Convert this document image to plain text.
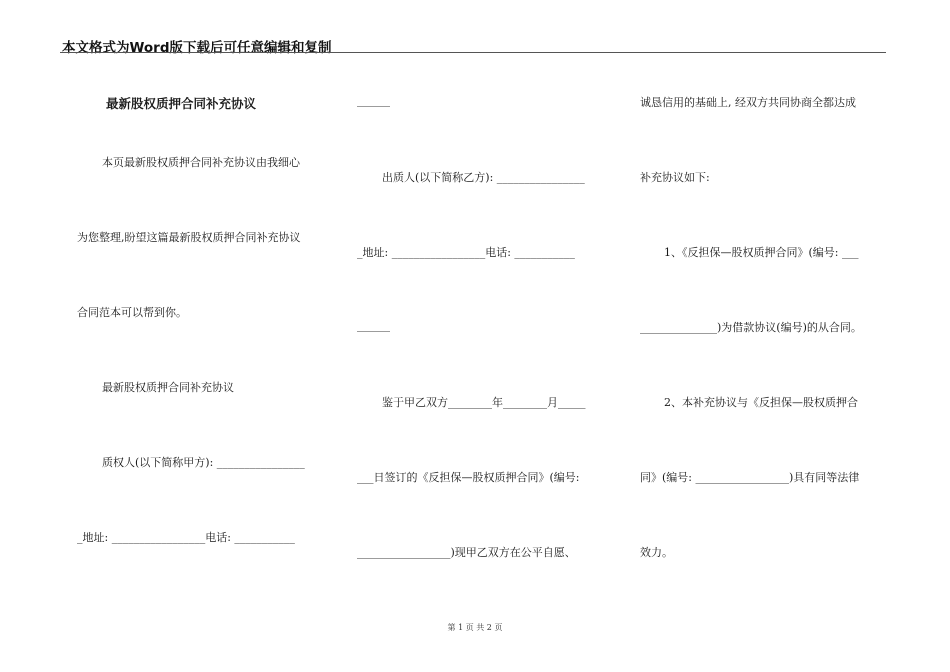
本文格式为Word版下载后可任意编辑和复制
最新股权质押合同补充协议
本页最新股权质押合同补充协议由我细心
为您整理,盼望这篇最新股权质押合同补充协议
合同范本可以帮到你。
最新股权质押合同补充协议
质权人(以下简称甲方): ________________
_地址: _________________电话: ___________
______
出质人(以下简称乙方): ________________
_地址: _________________电话: ___________
______
鉴于甲乙双方________年________月_____
___日签订的《反担保—股权质押合同》(编号:
_________________)现甲乙双方在公平自愿、
诚恳信用的基础上, 经双方共同协商全都达成
补充协议如下:
1、《反担保—股权质押合同》(编号: ___
______________)为借款协议(编号)的从合同。
2、本补充协议与《反担保—股权质押合
同》(编号: _________________)具有同等法律
效力。
第 1 页 共 2 页
